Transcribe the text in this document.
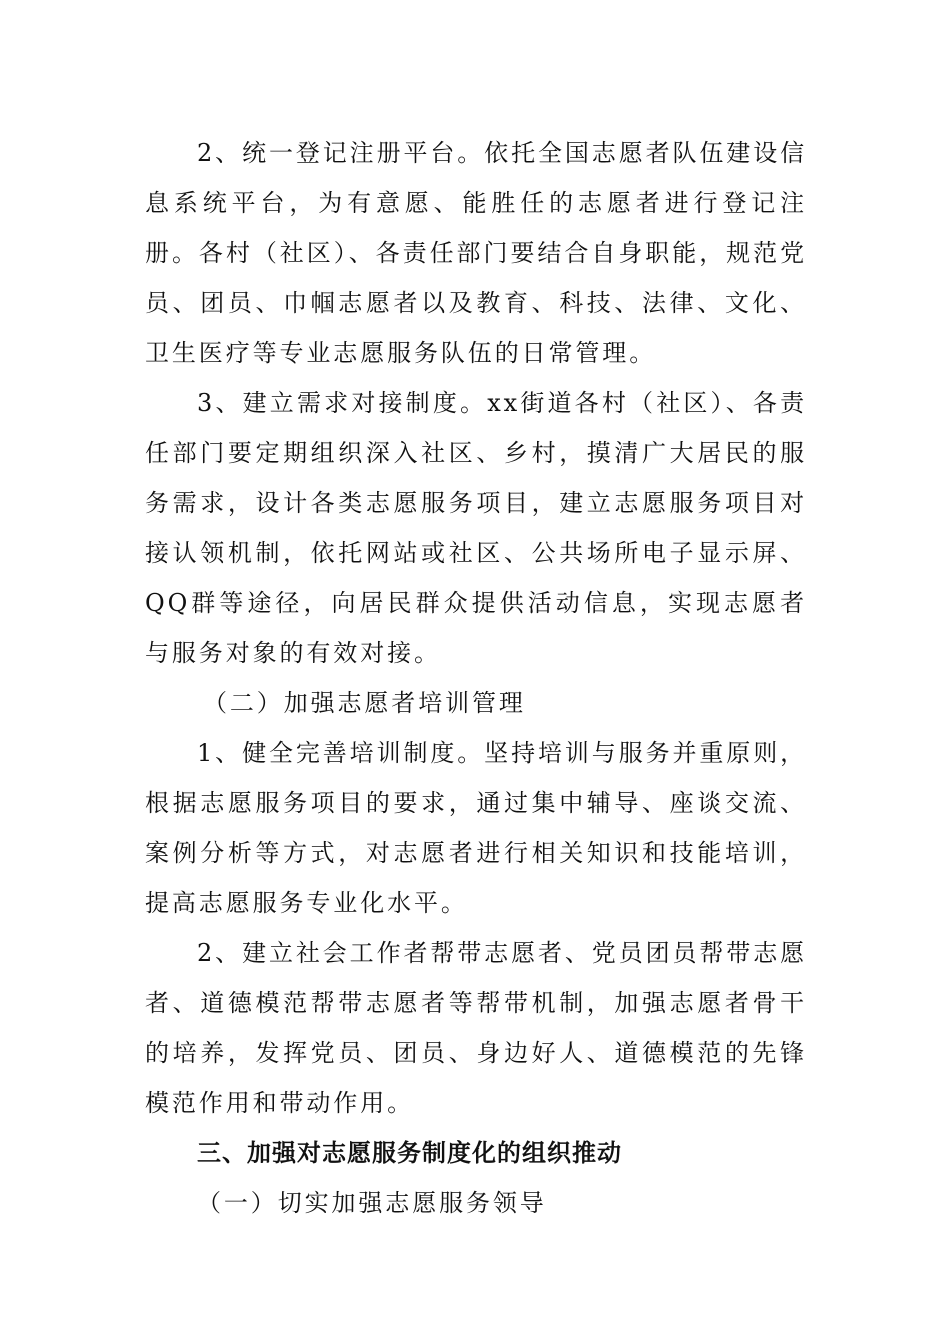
2、统一登记注册平台。依托全国志愿者队伍建设信息系统平台，为有意愿、能胜任的志愿者进行登记注册。各村（社区）、各责任部门要结合自身职能，规范党员、团员、巾帼志愿者以及教育、科技、法律、文化、卫生医疗等专业志愿服务队伍的日常管理。

3、建立需求对接制度。xx街道各村（社区）、各责任部门要定期组织深入社区、乡村，摸清广大居民的服务需求，设计各类志愿服务项目，建立志愿服务项目对接认领机制，依托网站或社区、公共场所电子显示屏、QQ群等途径，向居民群众提供活动信息，实现志愿者与服务对象的有效对接。

（二）加强志愿者培训管理

1、健全完善培训制度。坚持培训与服务并重原则，根据志愿服务项目的要求，通过集中辅导、座谈交流、案例分析等方式，对志愿者进行相关知识和技能培训，提高志愿服务专业化水平。

2、建立社会工作者帮带志愿者、党员团员帮带志愿者、道德模范帮带志愿者等帮带机制，加强志愿者骨干的培养，发挥党员、团员、身边好人、道德模范的先锋模范作用和带动作用。

三、加强对志愿服务制度化的组织推动

（一）切实加强志愿服务领导
